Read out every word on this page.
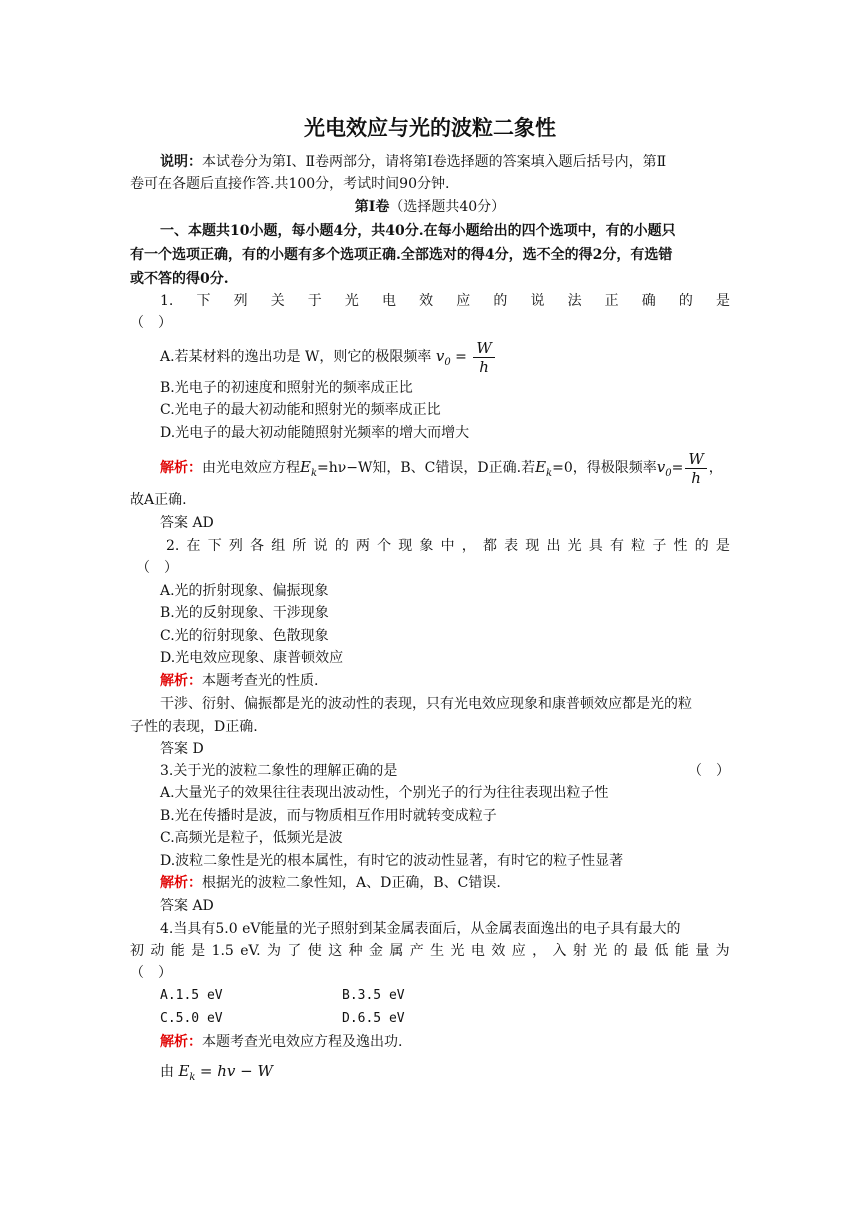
光电效应与光的波粒二象性
说明：本试卷分为第Ⅰ、Ⅱ卷两部分，请将第Ⅰ卷选择题的答案填入题后括号内，第Ⅱ
卷可在各题后直接作答.共100分，考试时间90分钟.
第Ⅰ卷（选择题共40分）
一、本题共10小题，每小题4分，共40分.在每小题给出的四个选项中，有的小题只
有一个选项正确，有的小题有多个选项正确.全部选对的得4分，选不全的得2分，有选错
或不答的得0分.
1. 下 列 关 于 光 电 效 应 的 说 法 正 确 的 是
（　）
A.若某材料的逸出功是 W，则它的极限频率 $v_0 = \frac{W}{h}$
B.光电子的初速度和照射光的频率成正比
C.光电子的最大初动能和照射光的频率成正比
D.光电子的最大初动能随照射光频率的增大而增大
解析：由光电效应方程$E_k=h\nu-W$知，B、C错误，D正确.若$E_k=0$，得极限频率$v_0= \frac{W}{h}$ ，
故A正确.
答案 AD
2. 在 下 列 各 组 所 说 的 两 个 现 象 中 ， 都 表 现 出 光 具 有 粒 子 性 的 是
（　）
A.光的折射现象、偏振现象
B.光的反射现象、干涉现象
C.光的衍射现象、色散现象
D.光电效应现象、康普顿效应
解析：本题考查光的性质.
干涉、衍射、偏振都是光的波动性的表现，只有光电效应现象和康普顿效应都是光的粒
子性的表现，D正确.
答案 D
3.关于光的波粒二象性的理解正确的是	（　）
A.大量光子的效果往往表现出波动性，个别光子的行为往往表现出粒子性
B.光在传播时是波，而与物质相互作用时就转变成粒子
C.高频光是粒子，低频光是波
D.波粒二象性是光的根本属性，有时它的波动性显著，有时它的粒子性显著
解析：根据光的波粒二象性知，A、D正确，B、C错误.
答案 AD
4.当具有5.0 eV能量的光子照射到某金属表面后，从金属表面逸出的电子具有最大的
初 动 能 是 1.5 eV. 为 了 使 这 种 金 属 产 生 光 电 效 应 ， 入 射 光 的 最 低 能 量 为
（　）
A.1.5 eV	B.3.5 eV
C.5.0 eV	D.6.5 eV
解析：本题考查光电效应方程及逸出功.
由 $E_k$ = hv − W
